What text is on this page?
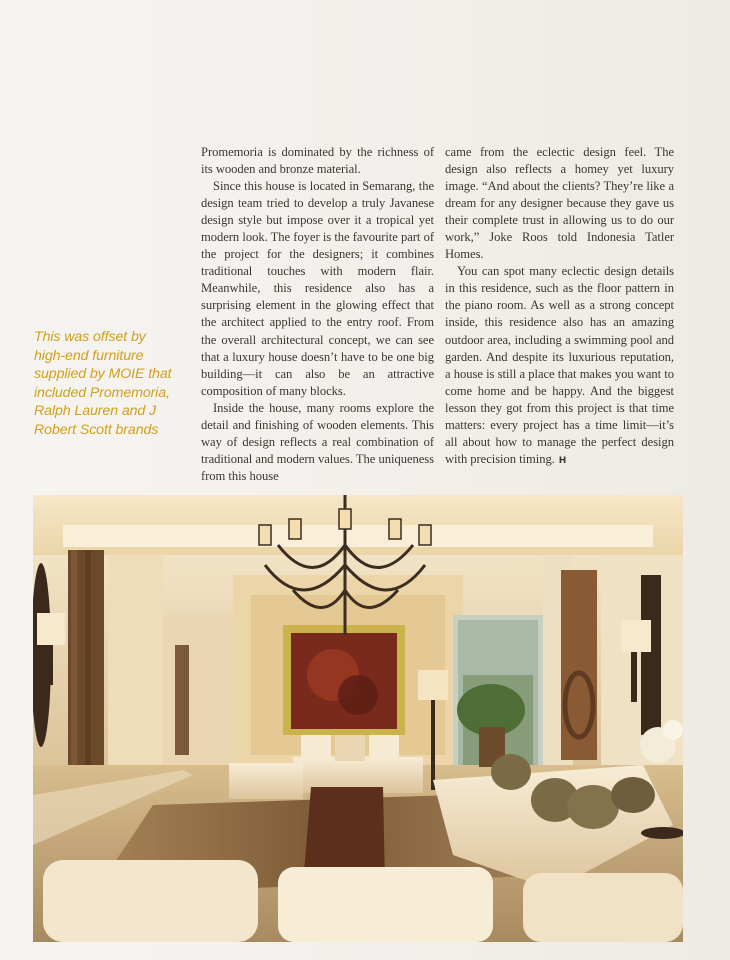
This was offset by high-end furniture supplied by MOIE that included Promemoria, Ralph Lauren and J Robert Scott brands

Promemoria is dominated by the richness of its wooden and bronze material.

Since this house is located in Semarang, the design team tried to develop a truly Javanese design style but impose over it a tropical yet modern look. The foyer is the favourite part of the project for the designers; it combines traditional touches with modern flair. Meanwhile, this residence also has a surprising element in the glowing effect that the architect applied to the entry roof. From the overall architectural concept, we can see that a luxury house doesn’t have to be one big building—it can also be an attractive composition of many blocks.

Inside the house, many rooms explore the detail and finishing of wooden elements. This way of design reflects a real combination of traditional and modern values. The uniqueness from this house

came from the eclectic design feel. The design also reflects a homey yet luxury image. “And about the clients? They’re like a dream for any designer because they gave us their complete trust in allowing us to do our work,” Joke Roos told Indonesia Tatler Homes.

You can spot many eclectic design details in this residence, such as the floor pattern in the piano room. As well as a strong concept inside, this residence also has an amazing outdoor area, including a swimming pool and garden. And despite its luxurious reputation, a house is still a place that makes you want to come home and be happy. And the biggest lesson they got from this project is that time matters: every project has a time limit—it’s all about how to manage the perfect design with precision timing. H
